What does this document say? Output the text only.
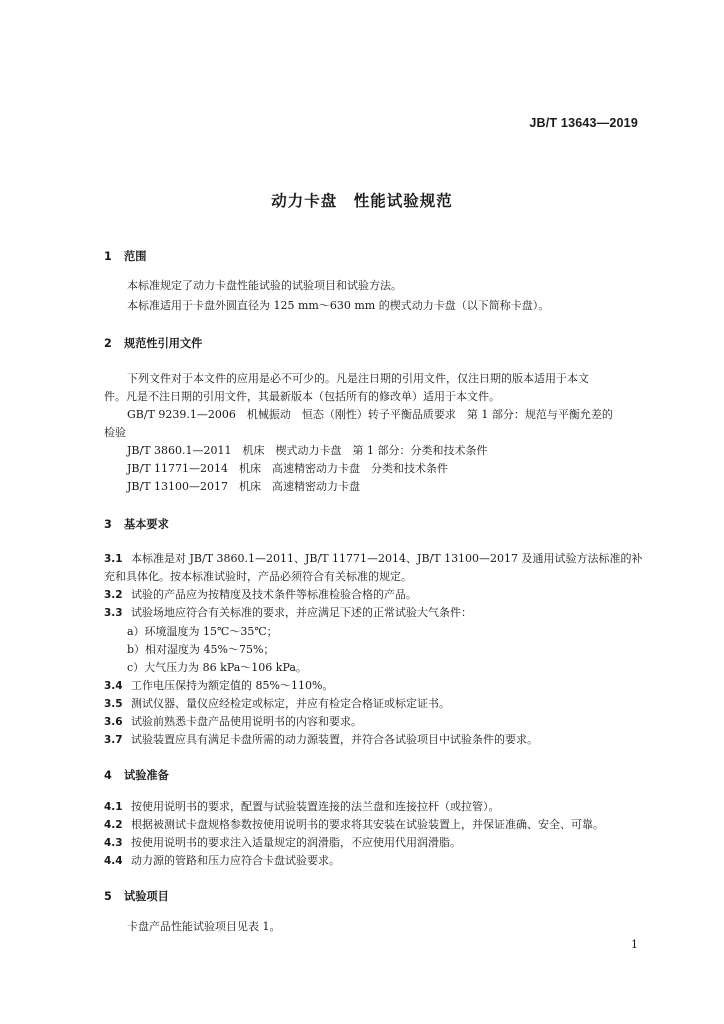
JB/T 13643—2019
动力卡盘　性能试验规范
1 范围
本标准规定了动力卡盘性能试验的试验项目和试验方法。
本标准适用于卡盘外圆直径为 125 mm～630 mm 的楔式动力卡盘（以下简称卡盘）。
2 规范性引用文件
下列文件对于本文件的应用是必不可少的。凡是注日期的引用文件，仅注日期的版本适用于本文
件。凡是不注日期的引用文件，其最新版本（包括所有的修改单）适用于本文件。
GB/T 9239.1—2006　机械振动　恒态（刚性）转子平衡品质要求　第 1 部分：规范与平衡允差的
检验
JB/T 3860.1—2011　机床　楔式动力卡盘　第 1 部分：分类和技术条件
JB/T 11771—2014　机床　高速精密动力卡盘　分类和技术条件
JB/T 13100—2017　机床　高速精密动力卡盘
3 基本要求
3.1 本标准是对 JB/T 3860.1—2011、JB/T 11771—2014、JB/T 13100—2017 及通用试验方法标准的补
充和具体化。按本标准试验时，产品必须符合有关标准的规定。
3.2 试验的产品应为按精度及技术条件等标准检验合格的产品。
3.3 试验场地应符合有关标准的要求，并应满足下述的正常试验大气条件：
a）环境温度为 15℃～35℃；
b）相对湿度为 45%～75%；
c）大气压力为 86 kPa～106 kPa。
3.4 工作电压保持为额定值的 85%～110%。
3.5 测试仪器、量仪应经检定或标定，并应有检定合格证或标定证书。
3.6 试验前熟悉卡盘产品使用说明书的内容和要求。
3.7 试验装置应具有满足卡盘所需的动力源装置，并符合各试验项目中试验条件的要求。
4 试验准备
4.1 按使用说明书的要求，配置与试验装置连接的法兰盘和连接拉杆（或拉管）。
4.2 根据被测试卡盘规格参数按使用说明书的要求将其安装在试验装置上，并保证准确、安全、可靠。
4.3 按使用说明书的要求注入适量规定的润滑脂，不应使用代用润滑脂。
4.4 动力源的管路和压力应符合卡盘试验要求。
5 试验项目
卡盘产品性能试验项目见表 1。
1
